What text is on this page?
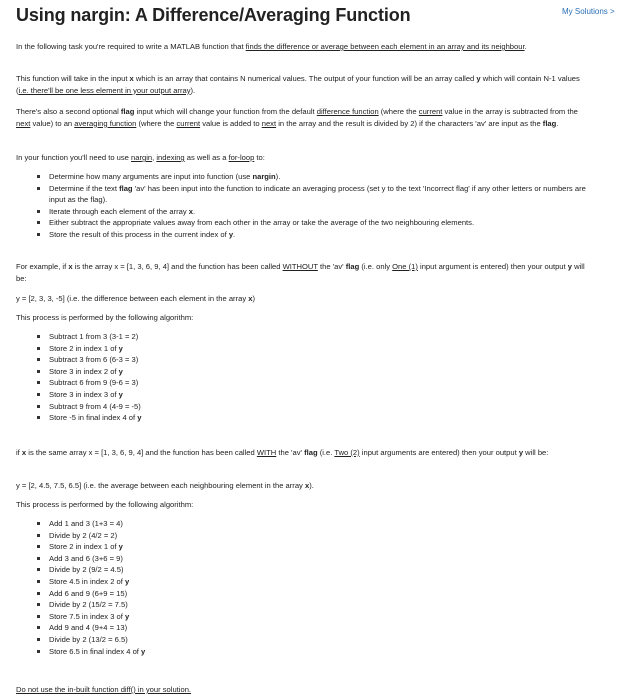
Using nargin: A Difference/Averaging Function	My Solutions >

In the following task you're required to write a MATLAB function that finds the difference or average between each element in an array and its neighbour.

This function will take in the input x which is an array that contains N numerical values. The output of your function will be an array called y which will contain N-1 values (i.e. there'll be one less element in your output array).

There's also a second optional flag input which will change your function from the default difference function (where the current value in the array is subtracted from the next value) to an averaging function (where the current value is added to next in the array and the result is divided by 2) if the characters 'av' are input as the flag.

In your function you'll need to use nargin, indexing as well as a for-loop to:

Determine how many arguments are input into function (use nargin).
Determine if the text flag 'av' has been input into the function to indicate an averaging process (set y to the text 'Incorrect flag' if any other letters or numbers are input as the flag).
Iterate through each element of the array x.
Either subtract the appropriate values away from each other in the array or take the average of the two neighbouring elements.
Store the result of this process in the current index of y.

For example, if x is the array x = [1, 3, 6, 9, 4] and the function has been called WITHOUT the 'av' flag (i.e. only One (1) input argument is entered) then your output y will be:

y = [2, 3, 3, -5] (i.e. the difference between each element in the array x)

This process is performed by the following algorithm:

Subtract 1 from 3 (3-1 = 2)
Store 2 in index 1 of y
Subtract 3 from 6 (6-3 = 3)
Store 3 in index 2 of y
Subtract 6 from 9 (9-6 = 3)
Store 3 in index 3 of y
Subtract 9 from 4 (4-9 = -5)
Store -5 in final index 4 of y

if x is the same array x = [1, 3, 6, 9, 4] and the function has been called WITH the 'av' flag (i.e. Two (2) input arguments are entered) then your output y will be:

y = [2, 4.5, 7.5, 6.5] (i.e. the average between each neighbouring element in the array x).

This process is performed by the following algorithm:

Add 1 and 3 (1+3 = 4)
Divide by 2 (4/2 = 2)
Store 2 in index 1 of y
Add 3 and 6 (3+6 = 9)
Divide by 2 (9/2 = 4.5)
Store 4.5 in index 2 of y
Add 6 and 9 (6+9 = 15)
Divide by 2 (15/2 = 7.5)
Store 7.5 in index 3 of y
Add 9 and 4 (9+4 = 13)
Divide by 2 (13/2 = 6.5)
Store 6.5 in final index 4 of y

Do not use the in-built function diff() in your solution.
